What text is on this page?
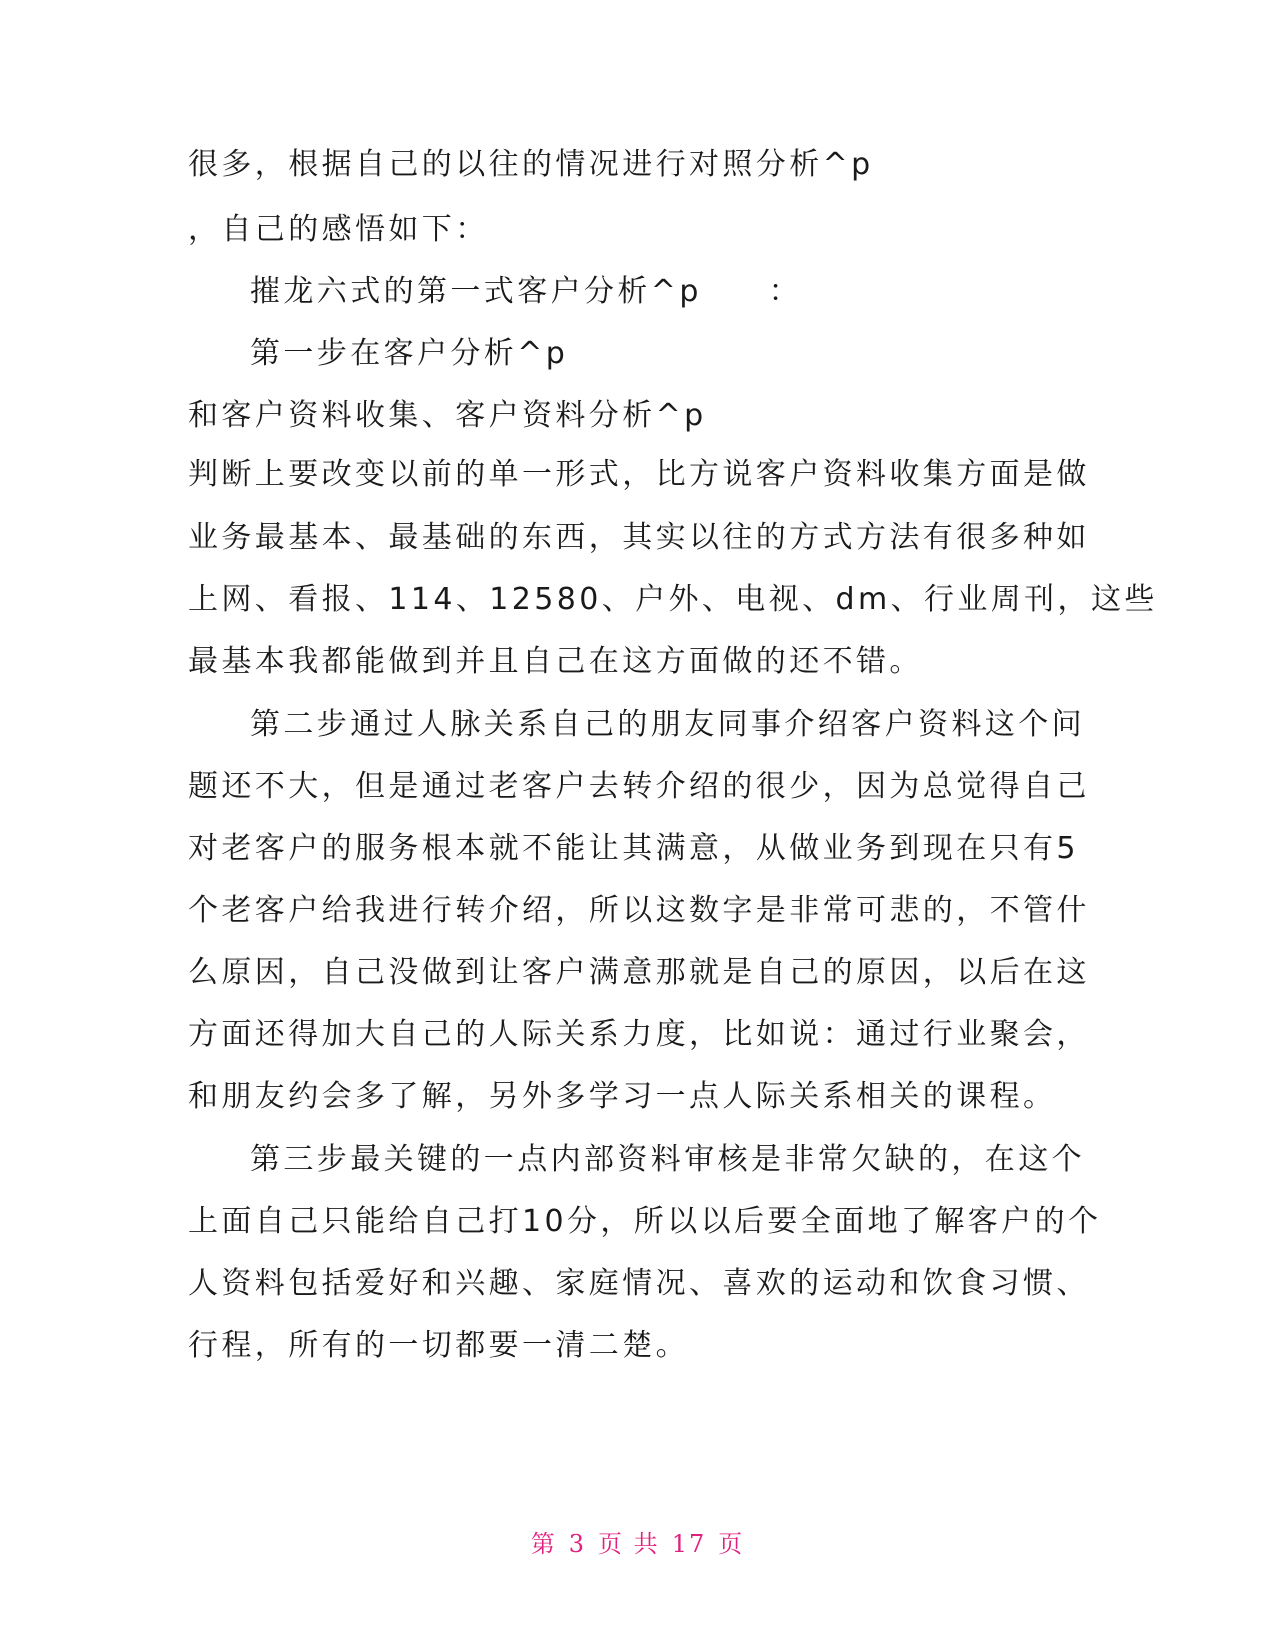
很多，根据自己的以往的情况进行对照分析^p
，自己的感悟如下：
摧龙六式的第一式客户分析^p　　：
第一步在客户分析^p
和客户资料收集、客户资料分析^p
判断上要改变以前的单一形式，比方说客户资料收集方面是做
业务最基本、最基础的东西，其实以往的方式方法有很多种如
上网、看报、114、12580、户外、电视、dm、行业周刊，这些
最基本我都能做到并且自己在这方面做的还不错。
第二步通过人脉关系自己的朋友同事介绍客户资料这个问
题还不大，但是通过老客户去转介绍的很少，因为总觉得自己
对老客户的服务根本就不能让其满意，从做业务到现在只有5
个老客户给我进行转介绍，所以这数字是非常可悲的，不管什
么原因，自己没做到让客户满意那就是自己的原因，以后在这
方面还得加大自己的人际关系力度，比如说：通过行业聚会，
和朋友约会多了解，另外多学习一点人际关系相关的课程。
第三步最关键的一点内部资料审核是非常欠缺的，在这个
上面自己只能给自己打10分，所以以后要全面地了解客户的个
人资料包括爱好和兴趣、家庭情况、喜欢的运动和饮食习惯、
行程，所有的一切都要一清二楚。
第 3 页 共 17 页
